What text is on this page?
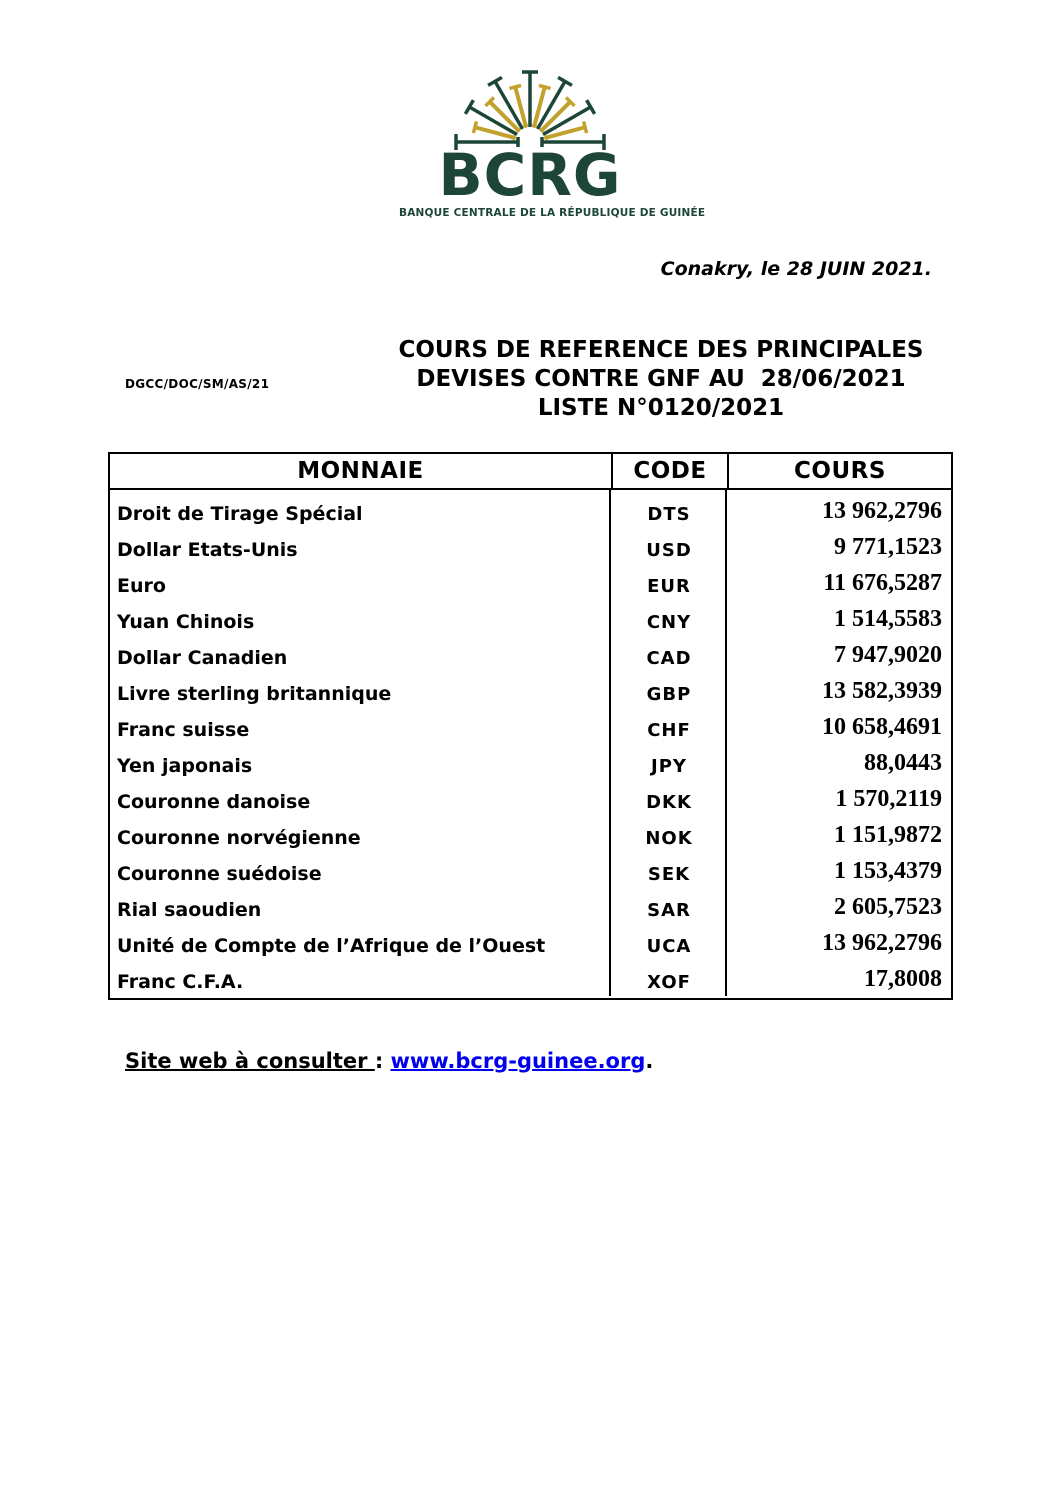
BCRG
BANQUE CENTRALE DE LA RÉPUBLIQUE DE GUINÉE
Conakry, le 28 JUIN 2021.
DGCC/DOC/SM/AS/21
COURS DE REFERENCE DES PRINCIPALES
DEVISES CONTRE GNF AU  28/06/2021
LISTE N°0120/2021
MONNAIE	CODE	COURS
Droit de Tirage Spécial	DTS	13 962,2796
Dollar Etats-Unis	USD	9 771,1523
Euro	EUR	11 676,5287
Yuan Chinois	CNY	1 514,5583
Dollar Canadien	CAD	7 947,9020
Livre sterling britannique	GBP	13 582,3939
Franc suisse	CHF	10 658,4691
Yen japonais	JPY	88,0443
Couronne danoise	DKK	1 570,2119
Couronne norvégienne	NOK	1 151,9872
Couronne suédoise	SEK	1 153,4379
Rial saoudien	SAR	2 605,7523
Unité de Compte de l’Afrique de l’Ouest	UCA	13 962,2796
Franc C.F.A.	XOF	17,8008
Site web à consulter : www.bcrg-guinee.org.
